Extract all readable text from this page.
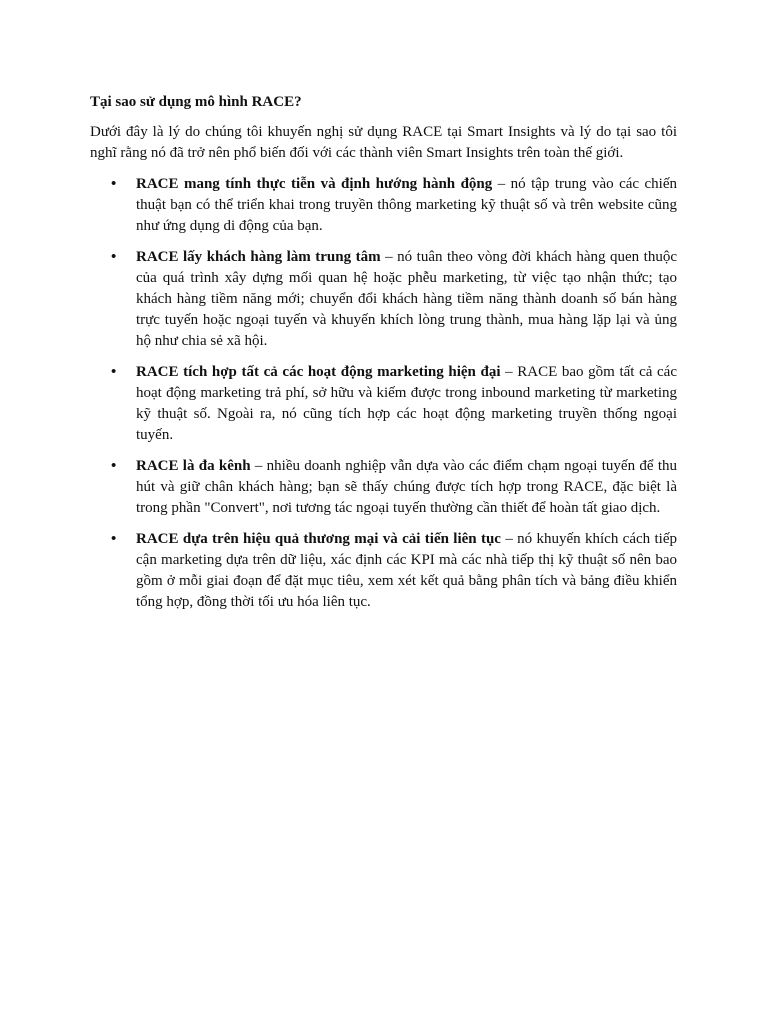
Tại sao sử dụng mô hình RACE?

Dưới đây là lý do chúng tôi khuyến nghị sử dụng RACE tại Smart Insights và lý do tại sao tôi nghĩ rằng nó đã trở nên phổ biến đối với các thành viên Smart Insights trên toàn thế giới.

• RACE mang tính thực tiễn và định hướng hành động – nó tập trung vào các chiến thuật bạn có thể triển khai trong truyền thông marketing kỹ thuật số và trên website cũng như ứng dụng di động của bạn.
• RACE lấy khách hàng làm trung tâm – nó tuân theo vòng đời khách hàng quen thuộc của quá trình xây dựng mối quan hệ hoặc phễu marketing, từ việc tạo nhận thức; tạo khách hàng tiềm năng mới; chuyển đổi khách hàng tiềm năng thành doanh số bán hàng trực tuyến hoặc ngoại tuyến và khuyến khích lòng trung thành, mua hàng lặp lại và ủng hộ như chia sẻ xã hội.
• RACE tích hợp tất cả các hoạt động marketing hiện đại – RACE bao gồm tất cả các hoạt động marketing trả phí, sở hữu và kiếm được trong inbound marketing từ marketing kỹ thuật số. Ngoài ra, nó cũng tích hợp các hoạt động marketing truyền thống ngoại tuyến.
• RACE là đa kênh – nhiều doanh nghiệp vẫn dựa vào các điểm chạm ngoại tuyến để thu hút và giữ chân khách hàng; bạn sẽ thấy chúng được tích hợp trong RACE, đặc biệt là trong phần "Convert", nơi tương tác ngoại tuyến thường cần thiết để hoàn tất giao dịch.
• RACE dựa trên hiệu quả thương mại và cải tiến liên tục – nó khuyến khích cách tiếp cận marketing dựa trên dữ liệu, xác định các KPI mà các nhà tiếp thị kỹ thuật số nên bao gồm ở mỗi giai đoạn để đặt mục tiêu, xem xét kết quả bằng phân tích và bảng điều khiển tổng hợp, đồng thời tối ưu hóa liên tục.
